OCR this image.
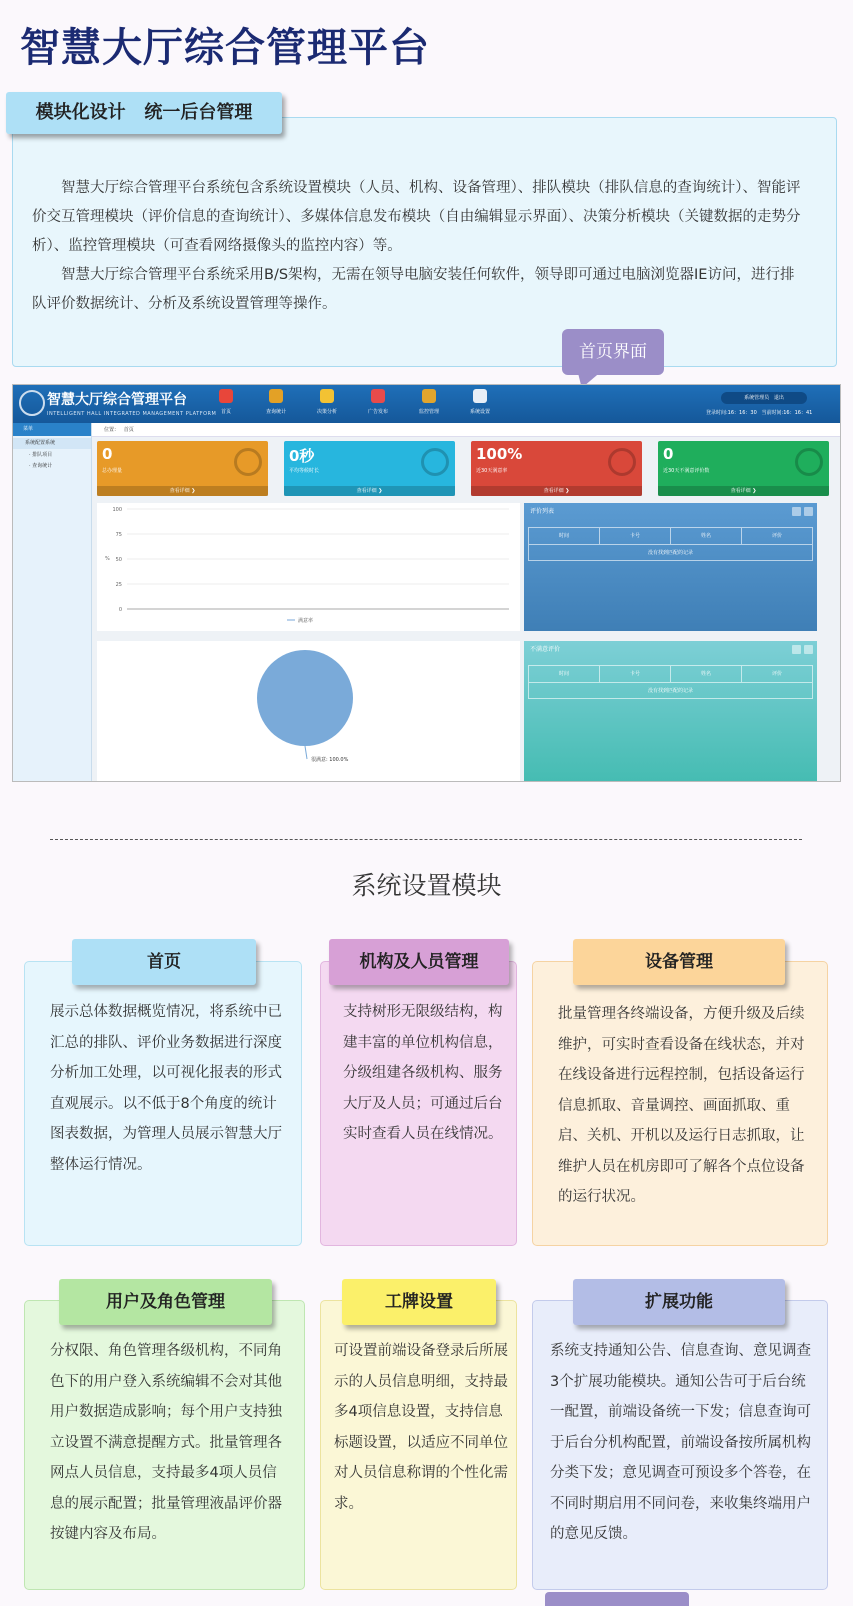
智慧大厅综合管理平台
模块化设计   统一后台管理

智慧大厅综合管理平台系统包含系统设置模块（人员、机构、设备管理）、排队模块（排队信息的查询统计）、智能评价交互管理模块（评价信息的查询统计）、多媒体信息发布模块（自由编辑显示界面）、决策分析模块（关键数据的走势分析）、监控管理模块（可查看网络摄像头的监控内容）等。

智慧大厅综合管理平台系统采用B/S架构，无需在领导电脑安装任何软件，领导即可通过电脑浏览器IE访问，进行排队评价数据统计、分析及系统设置管理等操作。

首页界面
智慧大厅综合管理平台
INTELLIGENT HALL INTEGRATED MANAGEMENT PLATFORM 首页	查询统计	决策分析	广告发布	监控管理	系统设置
系统管理员   退出
登录时间:16：16：30   当前时间:16：16：41
菜单
系统配置系统
· 排队项目
· 查询统计
位置：   首页
0
总办理量
查看详细 ❯
0秒
平均等候时长
查看详细 ❯
100%
近30天满意率
查看详细 ❯
0
近30天不满意评价数
查看详细 ❯
100
75
50
25
0
%
满意率
很满意: 100.0%
评价列表
时间	卡号	姓名	评价
没有找到匹配的记录
不满意评价
时间	卡号	姓名	评价
没有找到匹配的记录
系统设置模块
展示总体数据概览情况，将系统中已汇总的排队、评价业务数据进行深度分析加工处理，以可视化报表的形式直观展示。以不低于8个角度的统计图表数据，为管理人员展示智慧大厅整体运行情况。
首页
支持树形无限级结构，构建丰富的单位机构信息，分级组建各级机构、服务大厅及人员；可通过后台实时查看人员在线情况。
机构及人员管理
批量管理各终端设备，方便升级及后续维护，可实时查看设备在线状态，并对在线设备进行远程控制，包括设备运行信息抓取、音量调控、画面抓取、重启、关机、开机以及运行日志抓取，让维护人员在机房即可了解各个点位设备的运行状况。
设备管理
分权限、角色管理各级机构，不同角色下的用户登入系统编辑不会对其他用户数据造成影响；每个用户支持独立设置不满意提醒方式。批量管理各网点人员信息，支持最多4项人员信息的展示配置；批量管理液晶评价器按键内容及布局。
用户及角色管理
可设置前端设备登录后所展示的人员信息明细，支持最多4项信息设置，支持信息标题设置，以适应不同单位对人员信息称谓的个性化需求。
工牌设置
系统支持通知公告、信息查询、意见调查3个扩展功能模块。通知公告可于后台统一配置，前端设备统一下发；信息查询可于后台分机构配置，前端设备按所属机构分类下发；意见调查可预设多个答卷，在不同时期启用不同问卷，来收集终端用户的意见反馈。
扩展功能
